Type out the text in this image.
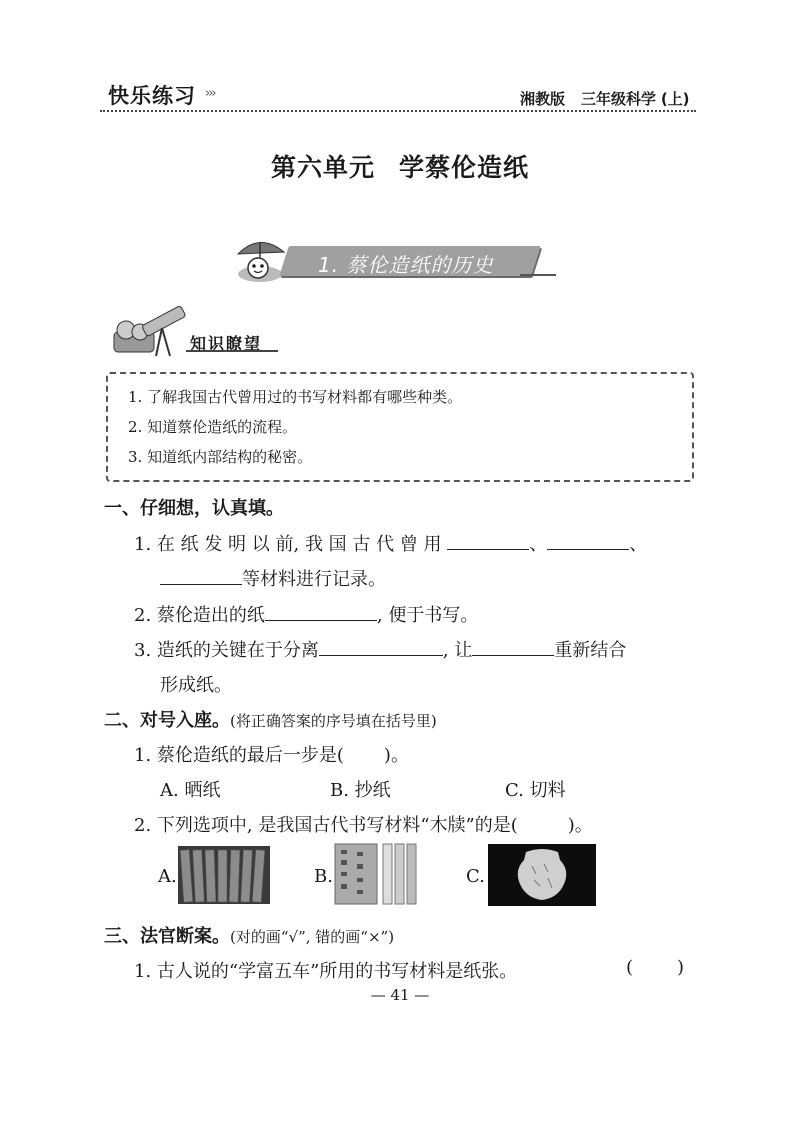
快乐练习 ›››	湘教版 三年级科学 (上)
第六单元 学蔡伦造纸
1. 蔡伦造纸的历史
知识瞭望
1. 了解我国古代曾用过的书写材料都有哪些种类。
2. 知道蔡伦造纸的流程。
3. 知道纸内部结构的秘密。
一、仔细想，认真填。
1. 在 纸 发 明 以 前, 我 国 古 代 曾 用	、	、
等材料进行记录。
2. 蔡伦造出的纸	, 便于书写。
3. 造纸的关键在于分离	, 让	重新结合
形成纸。
二、对号入座。(将正确答案的序号填在括号里)
1. 蔡伦造纸的最后一步是( )。
A. 晒纸	B. 抄纸	C. 切料
2. 下列选项中, 是我国古代书写材料“木牍”的是(	)。
A.	B.	C.
三、法官断案。(对的画“√”, 错的画“×”)
1. 古人说的“学富五车”所用的书写材料是纸张。	( )
— 41 —
